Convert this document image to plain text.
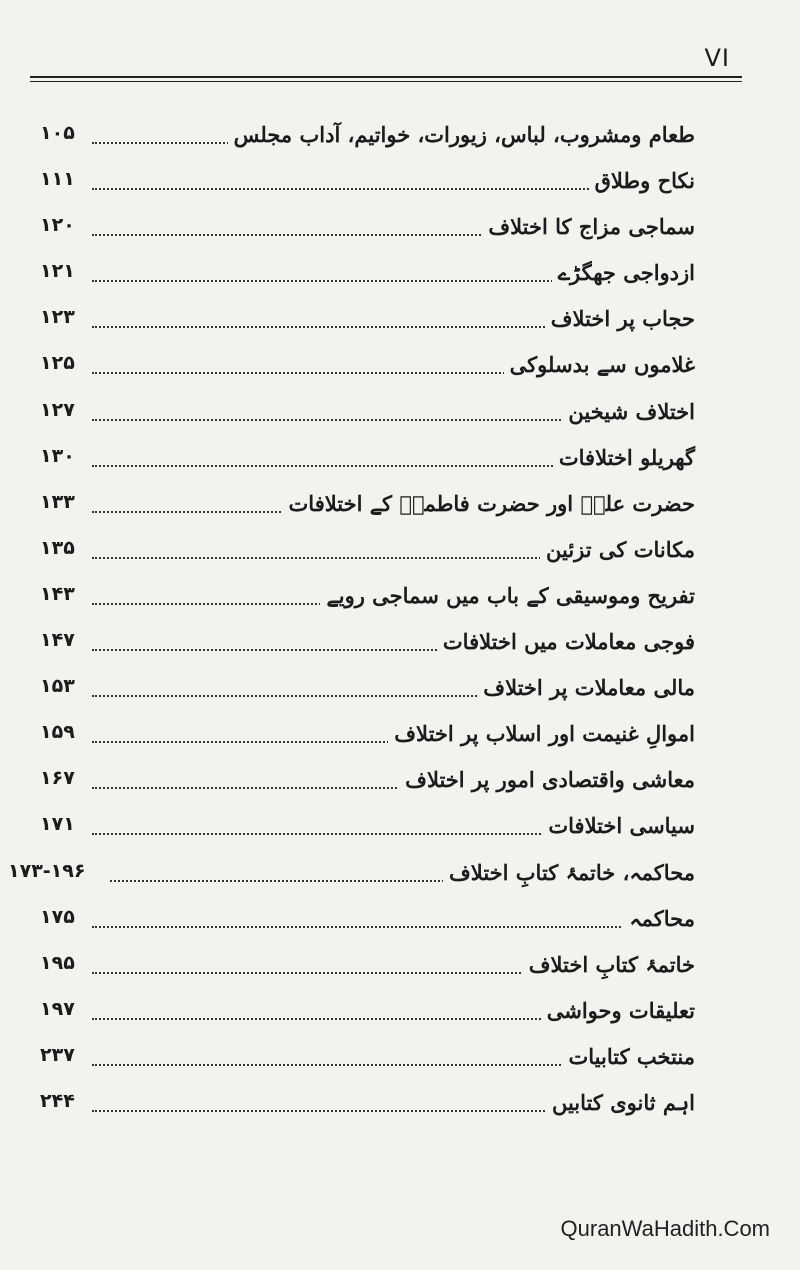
VI
طعام ومشروب، لباس، زیورات، خواتیم، آداب مجلس
۱۰۵
نکاح وطلاق
۱۱۱
سماجی مزاج کا اختلاف
۱۲۰
ازدواجی جھگڑے
۱۲۱
حجاب پر اختلاف
۱۲۳
غلاموں سے بدسلوکی
۱۲۵
اختلاف شیخین
۱۲۷
گھریلو اختلافات
۱۳۰
حضرت علیؓ اور حضرت فاطمہؓ کے اختلافات
۱۳۳
مکانات کی تزئین
۱۳۵
تفریح وموسیقی کے باب میں سماجی رویے
۱۴۳
فوجی معاملات میں اختلافات
۱۴۷
مالی معاملات پر اختلاف
۱۵۳
اموالِ غنیمت اور اسلاب پر اختلاف
۱۵۹
معاشی واقتصادی امور پر اختلاف
۱۶۷
سیاسی اختلافات
۱۷۱
محاکمہ، خاتمۂ کتابِ اختلاف
۱۷۳-۱۹۶
محاکمہ
۱۷۵
خاتمۂ کتابِ اختلاف
۱۹۵
تعلیقات وحواشی
۱۹۷
منتخب کتابیات
۲۳۷
اہم ثانوی کتابیں
۲۴۴
QuranWaHadith.Com
